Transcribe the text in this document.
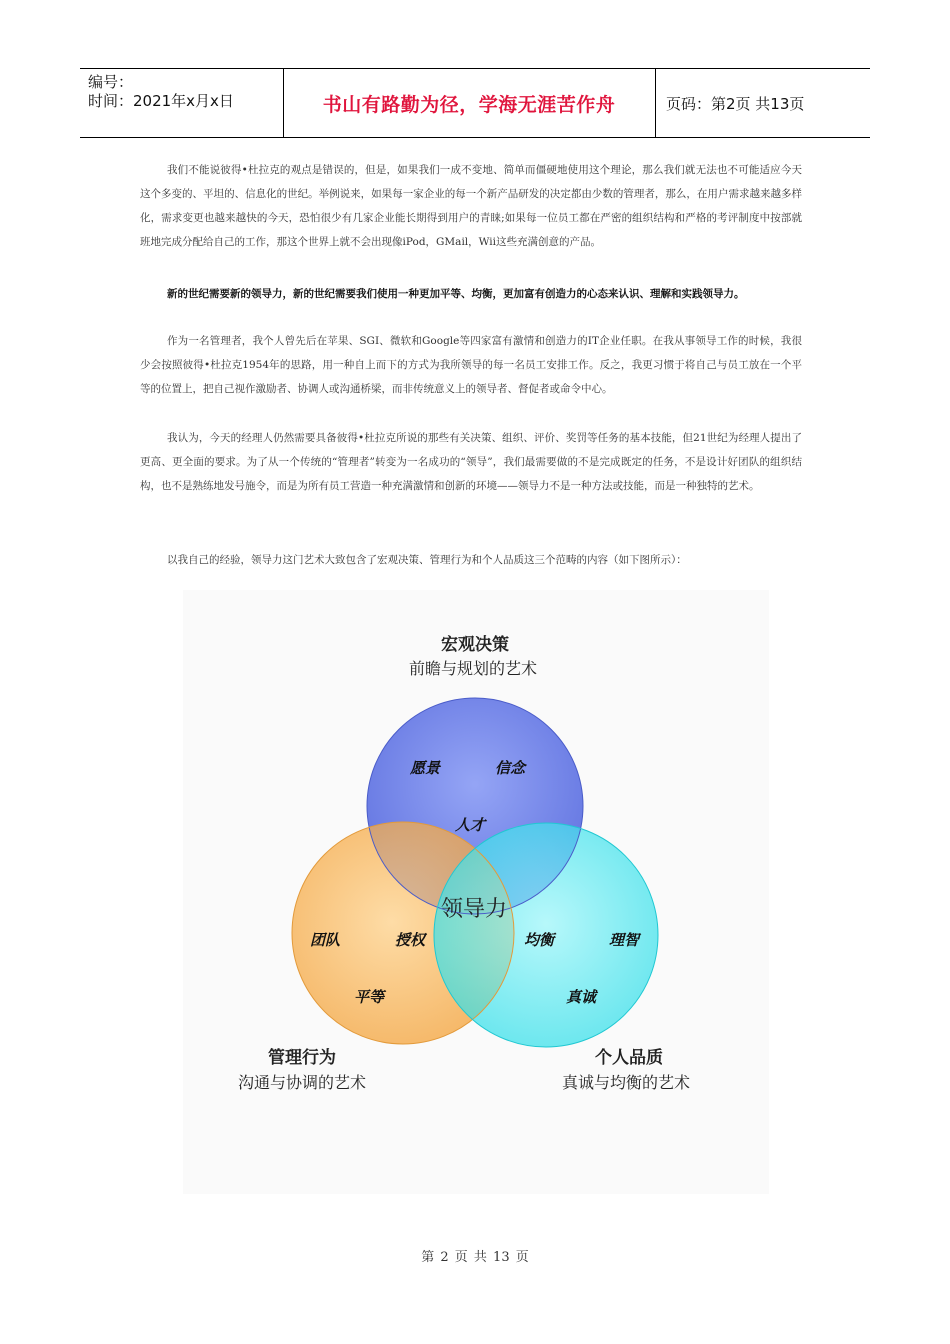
编号：
时间：2021年x月x日	书山有路勤为径，学海无涯苦作舟	页码：第2页 共13页

我们不能说彼得•杜拉克的观点是错误的，但是，如果我们一成不变地、简单而僵硬地使用这个理论，那么我们就无法也不可能适应今天这个多变的、平坦的、信息化的世纪。举例说来，如果每一家企业的每一个新产品研发的决定都由少数的管理者，那么，在用户需求越来越多样化，需求变更也越来越快的今天，恐怕很少有几家企业能长期得到用户的青睐;如果每一位员工都在严密的组织结构和严格的考评制度中按部就班地完成分配给自己的工作，那这个世界上就不会出现像iPod，GMail，Wii这些充满创意的产品。

新的世纪需要新的领导力，新的世纪需要我们使用一种更加平等、均衡，更加富有创造力的心态来认识、理解和实践领导力。

作为一名管理者，我个人曾先后在苹果、SGI、微软和Google等四家富有激情和创造力的IT企业任职。在我从事领导工作的时候，我很少会按照彼得•杜拉克1954年的思路，用一种自上而下的方式为我所领导的每一名员工安排工作。反之，我更习惯于将自己与员工放在一个平等的位置上，把自己视作激励者、协调人或沟通桥梁，而非传统意义上的领导者、督促者或命令中心。

我认为，今天的经理人仍然需要具备彼得•杜拉克所说的那些有关决策、组织、评价、奖罚等任务的基本技能，但21世纪为经理人提出了更高、更全面的要求。为了从一个传统的“管理者”转变为一名成功的“领导”，我们最需要做的不是完成既定的任务，不是设计好团队的组织结构，也不是熟练地发号施令，而是为所有员工营造一种充满激情和创新的环境——领导力不是一种方法或技能，而是一种独特的艺术。

以我自己的经验，领导力这门艺术大致包含了宏观决策、管理行为和个人品质这三个范畴的内容（如下图所示）：

宏观决策
前瞻与规划的艺术
管理行为
沟通与协调的艺术
个人品质
真诚与均衡的艺术
领导力
愿景	信念
人才
团队	授权
平等
均衡	理智
真诚
第 2 页 共 13 页
